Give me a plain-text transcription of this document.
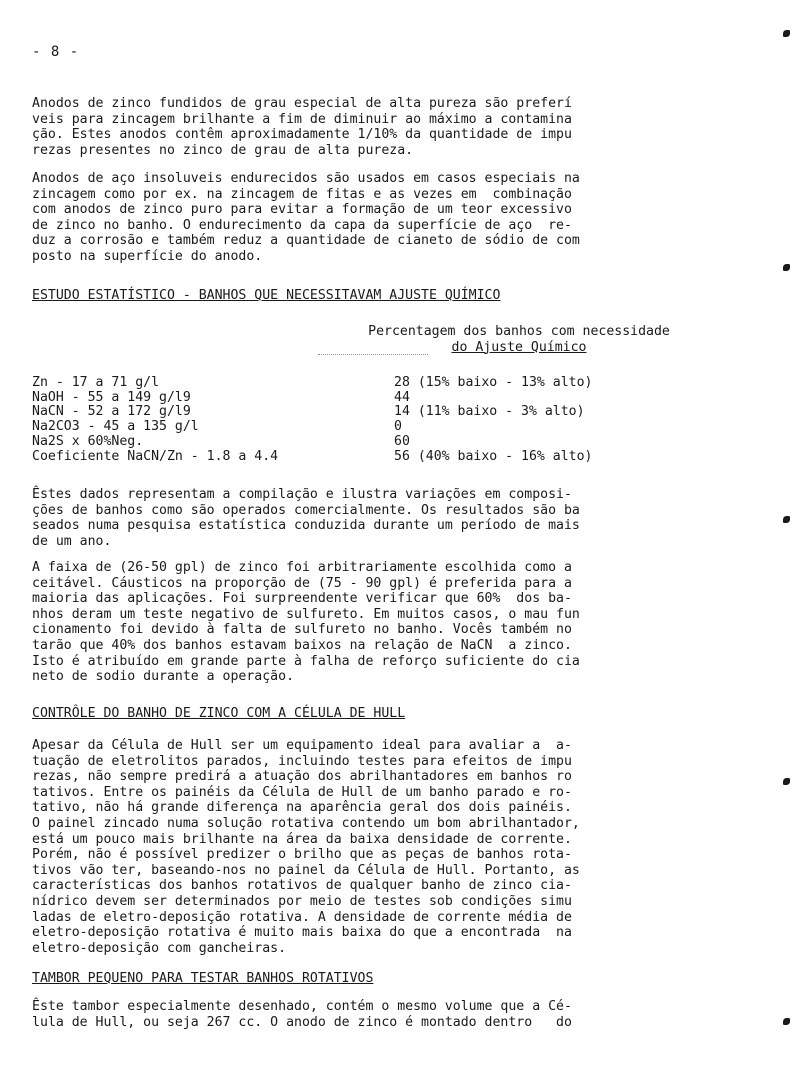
- 8 -
Anodos de zinco fundidos de grau especial de alta pureza são preferí
veis para zincagem brilhante a fim de diminuir ao máximo a contamina
ção. Estes anodos contêm aproximadamente 1/10% da quantidade de impu
rezas presentes no zinco de grau de alta pureza.
Anodos de aço insoluveis endurecidos são usados em casos especiais na
zincagem como por ex. na zincagem de fitas e as vezes em  combinação
com anodos de zinco puro para evitar a formação de um teor excessivo
de zinco no banho. O endurecimento da capa da superfície de aço  re-
duz a corrosão e também reduz a quantidade de cianeto de sódio de com
posto na superfície do anodo.
ESTUDO ESTATÍSTICO - BANHOS QUE NECESSITAVAM AJUSTE QUÍMICO
Percentagem dos banhos com necessidade
do Ajuste Químico
Zn - 17 a 71 g/l	28 (15% baixo - 13% alto)
NaOH - 55 a 149 g/l9	44
NaCN - 52 a 172 g/l9	14 (11% baixo - 3% alto)
Na2CO3 - 45 a 135 g/l	0
Na2S x 60%Neg.	60
Coeficiente NaCN/Zn - 1.8 a 4.4	56 (40% baixo - 16% alto)
Êstes dados representam a compilação e ilustra variações em composi-
ções de banhos como são operados comercialmente. Os resultados são ba
seados numa pesquisa estatística conduzida durante um período de mais
de um ano.
A faixa de (26-50 gpl) de zinco foi arbitrariamente escolhida como a
ceitável. Cáusticos na proporção de (75 - 90 gpl) é preferida para a
maioria das aplicações. Foi surpreendente verificar que 60%  dos ba-
nhos deram um teste negativo de sulfureto. Em muitos casos, o mau fun
cionamento foi devido à falta de sulfureto no banho. Vocês também no
tarão que 40% dos banhos estavam baixos na relação de NaCN  a zinco.
Isto é atribuído em grande parte à falha de reforço suficiente do cia
neto de sodio durante a operação.
CONTRÔLE DO BANHO DE ZINCO COM A CÉLULA DE HULL
Apesar da Célula de Hull ser um equipamento ideal para avaliar a  a-
tuação de eletrolitos parados, incluindo testes para efeitos de impu
rezas, não sempre predirá a atuação dos abrilhantadores em banhos ro
tativos. Entre os painéis da Célula de Hull de um banho parado e ro-
tativo, não há grande diferença na aparência geral dos dois painéis.
O painel zincado numa solução rotativa contendo um bom abrilhantador,
está um pouco mais brilhante na área da baixa densidade de corrente.
Porém, não é possível predizer o brilho que as peças de banhos rota-
tivos vão ter, baseando-nos no painel da Célula de Hull. Portanto, as
características dos banhos rotativos de qualquer banho de zinco cia-
nídrico devem ser determinados por meio de testes sob condições simu
ladas de eletro-deposição rotativa. A densidade de corrente média de
eletro-deposição rotativa é muito mais baixa do que a encontrada  na
eletro-deposição com gancheiras.
TAMBOR PEQUENO PARA TESTAR BANHOS ROTATIVOS
Êste tambor especialmente desenhado, contém o mesmo volume que a Cé-
lula de Hull, ou seja 267 cc. O anodo de zinco é montado dentro   do
